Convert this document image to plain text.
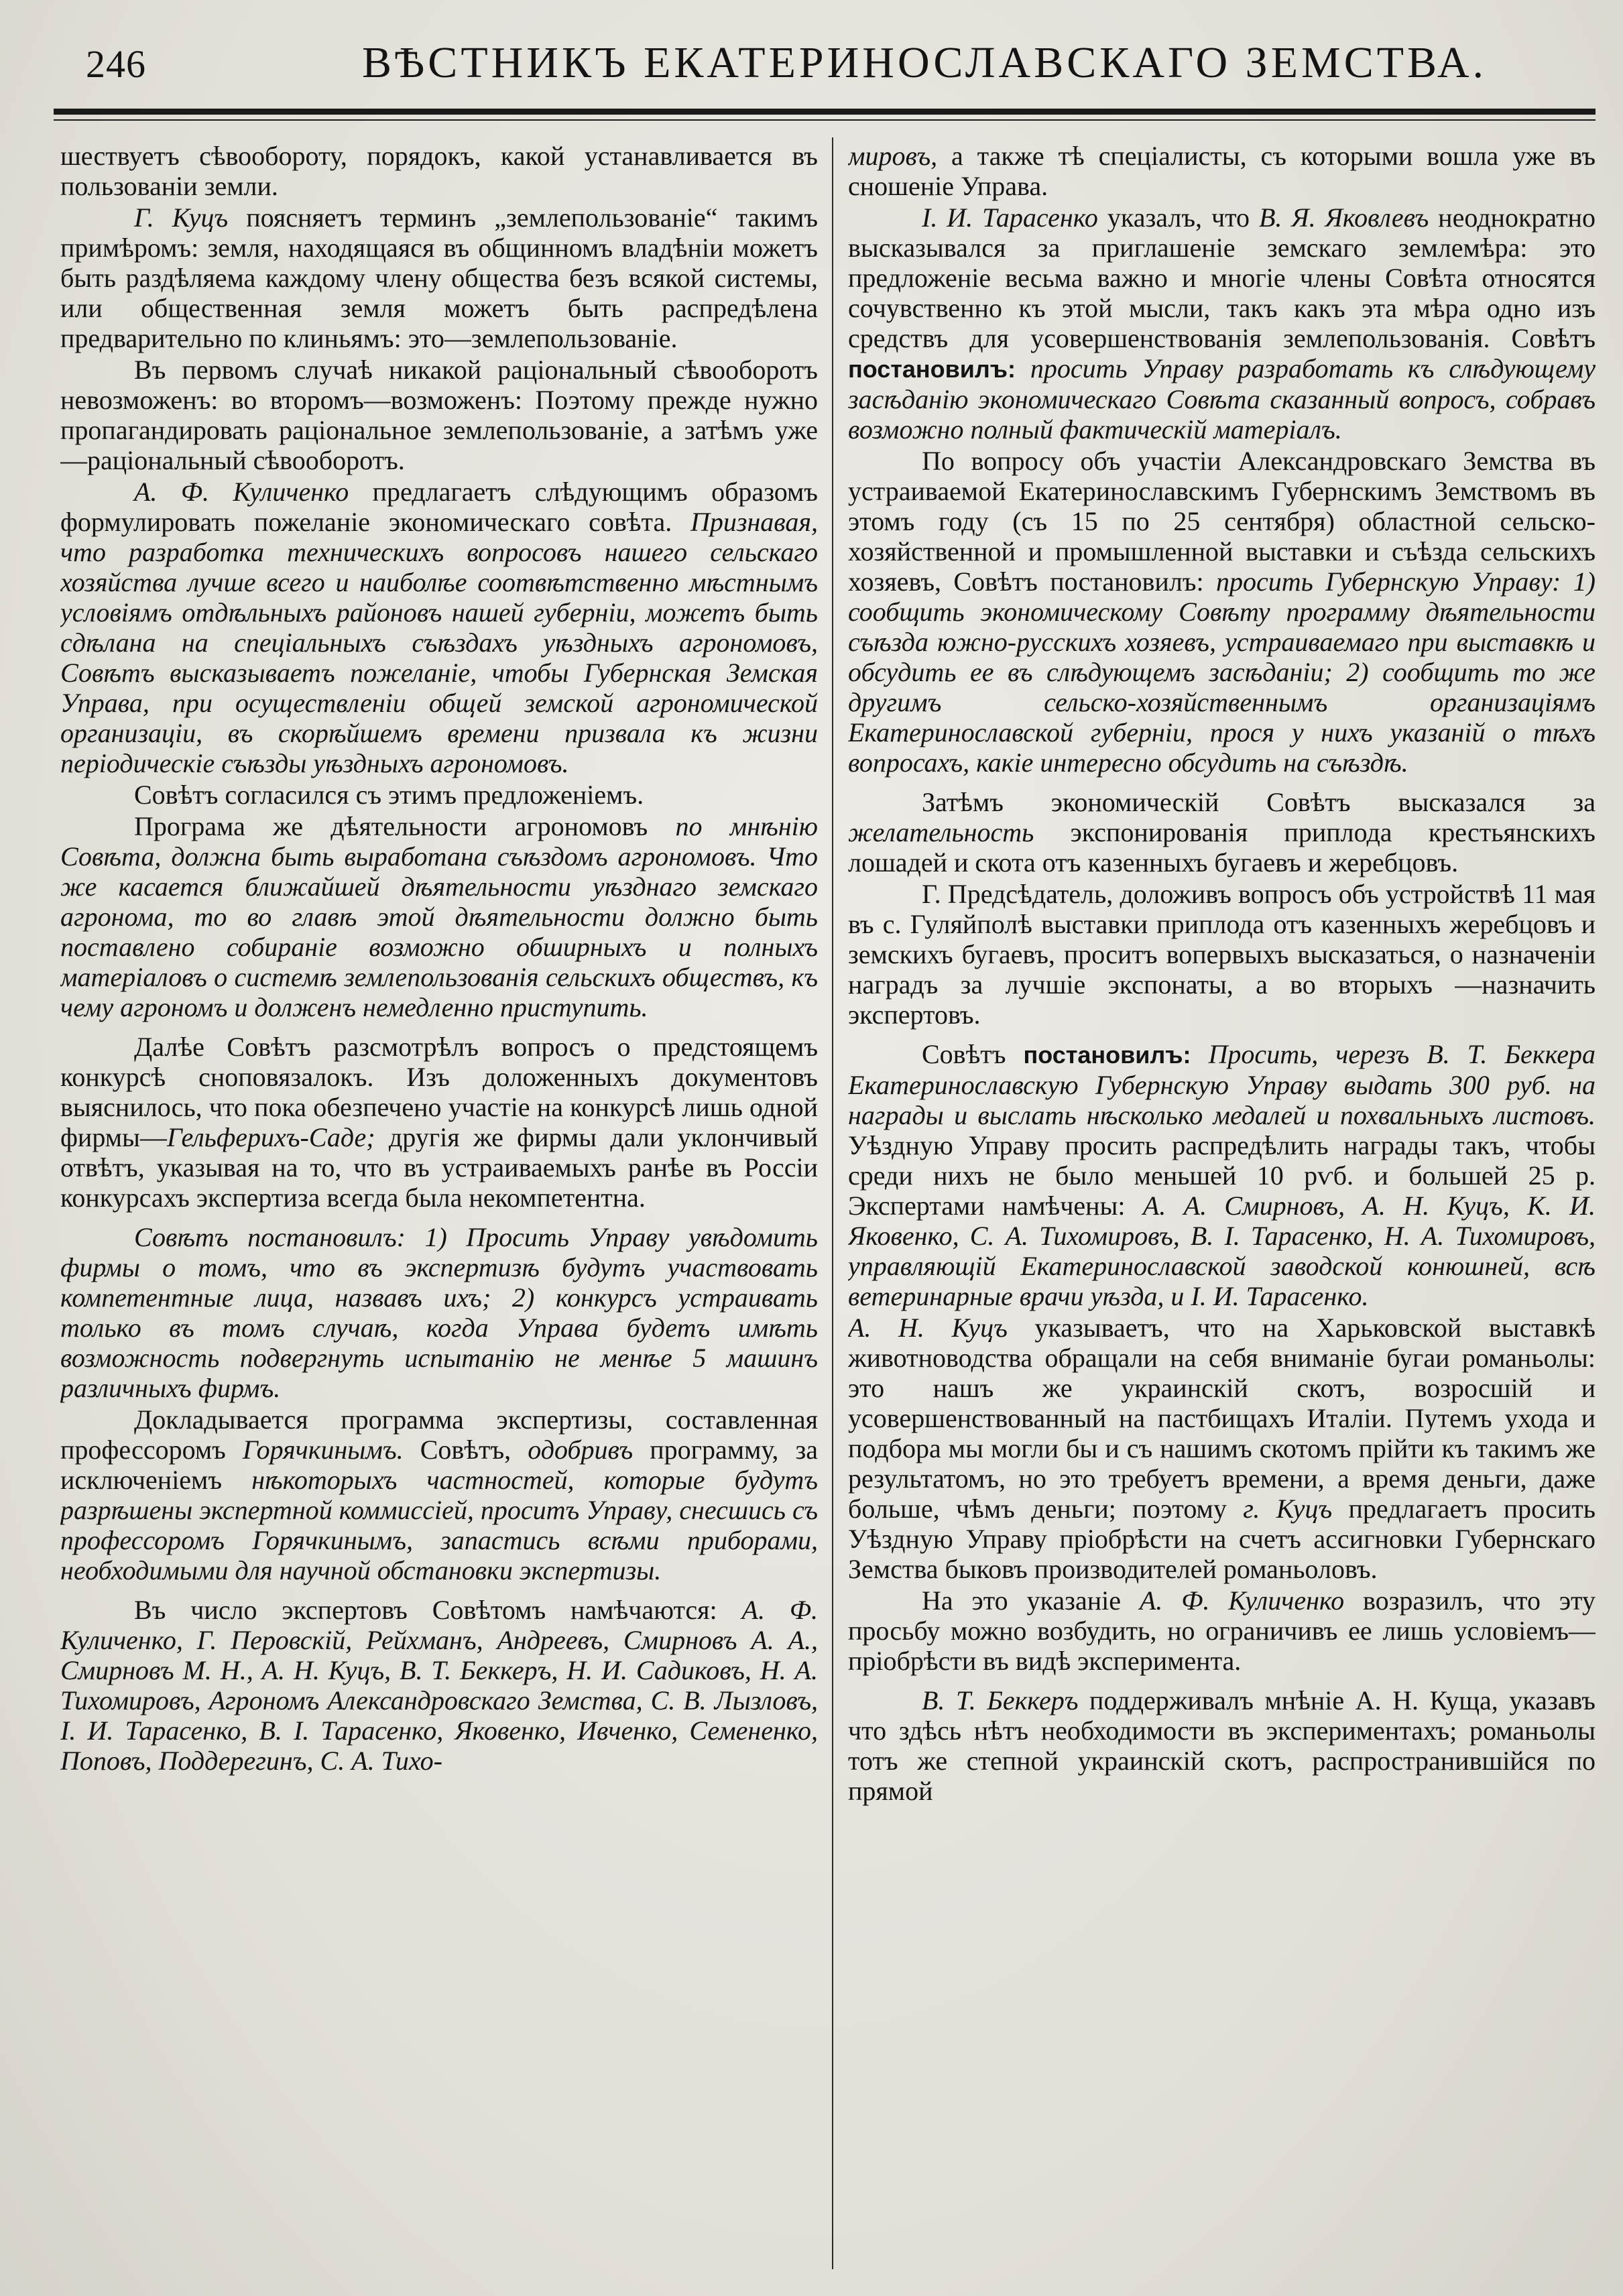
246	ВѢСТНИКЪ ЕКАТЕРИНОСЛАВСКАГО ЗЕМСТВА.

шествуетъ сѣвообороту, порядокъ, какой устанавливается въ пользованіи земли.

Г. Куцъ поясняетъ терминъ „землепользованіе“ такимъ примѣромъ: земля, находящаяся въ общинномъ владѣніи можетъ быть раздѣляема каждому члену общества безъ всякой системы, или общественная земля можетъ быть распредѣлена предварительно по клиньямъ: это—землепользованіе.

Въ первомъ случаѣ никакой раціональный сѣвооборотъ невозможенъ: во второмъ—возможенъ: Поэтому прежде нужно пропагандировать раціональное землепользованіе, а затѣмъ уже—раціональный сѣвооборотъ.

А. Ф. Куличенко предлагаетъ слѣдующимъ образомъ формулировать пожеланіе экономическаго совѣта. Признавая, что разработка техническихъ вопросовъ нашего сельскаго хозяйства лучше всего и наиболѣе соотвѣтственно мѣстнымъ условіямъ отдѣльныхъ районовъ нашей губерніи, можетъ быть сдѣлана на спеціальныхъ съѣздахъ уѣздныхъ агрономовъ, Совѣтъ высказываетъ пожеланіе, чтобы Губернская Земская Управа, при осуществленіи общей земской агрономической организаціи, въ скорѣйшемъ времени призвала къ жизни періодическіе съѣзды уѣздныхъ агрономовъ.

Совѣтъ согласился съ этимъ предложеніемъ.

Програма же дѣятельности агрономовъ по мнѣнію Совѣта, должна быть выработана съѣздомъ агрономовъ. Что же касается ближайшей дѣятельности уѣзднаго земскаго агронома, то во главѣ этой дѣятельности должно быть поставлено собираніе возможно обширныхъ и полныхъ матеріаловъ о системѣ землепользованія сельскихъ обществъ, къ чему агрономъ и долженъ немедленно приступить.

Далѣе Совѣтъ разсмотрѣлъ вопросъ о предстоящемъ конкурсѣ сноповязалокъ. Изъ доложенныхъ документовъ выяснилось, что пока обезпечено участіе на конкурсѣ лишь одной фирмы—Гельфериxъ-Саде; другія же фирмы дали уклончивый отвѣтъ, указывая на то, что въ устраиваемыхъ ранѣе въ Россіи конкурсахъ экспертиза всегда была некомпетентна.

Совѣтъ постановилъ: 1) Просить Управу увѣдомить фирмы о томъ, что въ экспертизѣ будутъ участвовать компетентные лица, назвавъ ихъ; 2) конкурсъ устраивать только въ томъ случаѣ, когда Управа будетъ имѣть возможность подвергнуть испытанію не менѣе 5 машинъ различныхъ фирмъ.

Докладывается программа экспертизы, составленная профессоромъ Горячкинымъ. Совѣтъ, одобривъ программу, за исключеніемъ нѣкоторыхъ частностей, которые будутъ разрѣшены экспертной коммиссіей, проситъ Управу, снесшись съ профессоромъ Горячкинымъ, запастись всѣми приборами, необходимыми для научной обстановки экспертизы.

Въ число экспертовъ Совѣтомъ намѣчаются: А. Ф. Куличенко, Г. Перовскій, Рейхманъ, Андреевъ, Смирновъ А. А., Смирновъ М. Н., А. Н. Куцъ, В. Т. Беккеръ, Н. И. Садиковъ, Н. А. Тихомировъ, Агрономъ Александровскаго Земства, С. В. Лызловъ, І. И. Тарасенко, В. І. Тарасенко, Яковенко, Ивченко, Семененко, Поповъ, Поддерегинъ, С. А. Тихо-

мировъ, а также тѣ спеціалисты, съ которыми вошла уже въ сношеніе Управа.

І. И. Тарасенко указалъ, что В. Я. Яковлевъ неоднократно высказывался за приглашеніе земскаго землемѣра: это предложеніе весьма важно и многіе члены Совѣта относятся сочувственно къ этой мысли, такъ какъ эта мѣра одно изъ средствъ для усовершенствованія землепользованія. Совѣтъ постановилъ: просить Управу разработать къ слѣдующему засѣданію экономическаго Совѣта сказанный вопросъ, собравъ возможно полный фактическій матеріалъ.

По вопросу объ участіи Александровскаго Земства въ устраиваемой Екатеринославскимъ Губернскимъ Земствомъ въ этомъ году (съ 15 по 25 сентября) областной сельско-хозяйственной и промышленной выставки и съѣзда сельскихъ хозяевъ, Совѣтъ постановилъ: просить Губернскую Управу: 1) сообщить экономическому Совѣту программу дѣятельности съѣзда южно-русскихъ хозяевъ, устраиваемаго при выставкѣ и обсудить ее въ слѣдующемъ засѣданіи; 2) сообщить то же другимъ сельско-хозяйственнымъ организаціямъ Екатеринославской губерніи, прося у нихъ указаній о тѣхъ вопросахъ, какіе интересно обсудить на съѣздѣ.

Затѣмъ экономическій Совѣтъ высказался за желательность экспонированія приплода крестьянскихъ лошадей и скота отъ казенныхъ бугаевъ и жеребцовъ.

Г. Предсѣдатель, доложивъ вопросъ объ устройствѣ 11 мая въ с. Гуляйполѣ выставки приплода отъ казенныхъ жеребцовъ и земскихъ бугаевъ, проситъ вопервыхъ высказаться, о назначеніи наградъ за лучшіе экспонаты, а во вторыхъ —назначить экспертовъ.

Совѣтъ постановилъ: Просить, черезъ В. Т. Беккера Екатеринославскую Губернскую Управу выдать 300 руб. на награды и выслать нѣсколько медалей и похвальныхъ листовъ. Уѣздную Управу просить распредѣлить награды такъ, чтобы среди нихъ не было меньшей 10 рѵб. и большей 25 р. Экспертами намѣчены: А. А. Смирновъ, А. Н. Куцъ, К. И. Яковенко, С. А. Тихомировъ, В. І. Тарасенко, Н. А. Тихомировъ, управляющій Екатеринославской заводской конюшней, всѣ ветеринарные врачи уѣзда, и І. И. Тарасенко.

А. Н. Куцъ указываетъ, что на Харьковской выставкѣ животноводства обращали на себя вниманіе бугаи романьолы: это нашъ же украинскій скотъ, возросшій и усовершенствованный на пастбищахъ Италіи. Путемъ ухода и подбора мы могли бы и съ нашимъ скотомъ прійти къ такимъ же результатомъ, но это требуетъ времени, а время деньги, даже больше, чѣмъ деньги; поэтому г. Куцъ предлагаетъ просить Уѣздную Управу пріобрѣсти на счетъ ассигновки Губернскаго Земства быковъ производителей романьоловъ.

На это указаніе А. Ф. Куличенко возразилъ, что эту просьбу можно возбудить, но ограничивъ ее лишь условіемъ—пріобрѣсти въ видѣ эксперимента.

В. Т. Беккеръ поддерживалъ мнѣніе А. Н. Куща, указавъ что здѣсь нѣтъ необходимости въ экспериментахъ; романьолы тотъ же степной украинскій скотъ, распространившійся по прямой
